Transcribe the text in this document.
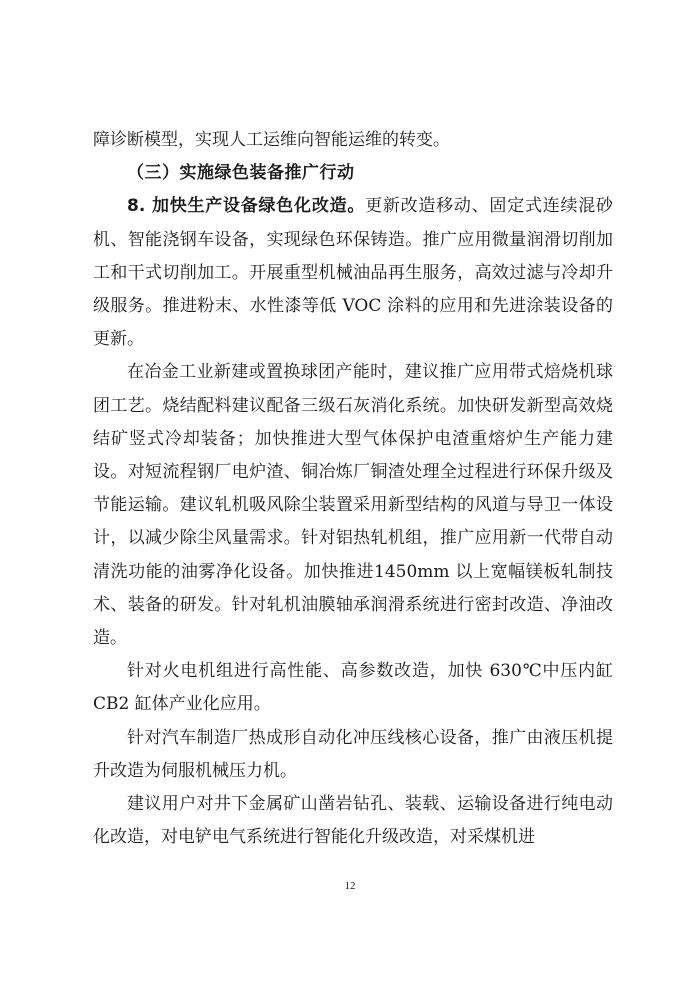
障诊断模型，实现人工运维向智能运维的转变。

（三）实施绿色装备推广行动

8. 加快生产设备绿色化改造。更新改造移动、固定式连续混砂机、智能浇钢车设备，实现绿色环保铸造。推广应用微量润滑切削加工和干式切削加工。开展重型机械油品再生服务，高效过滤与冷却升级服务。推进粉末、水性漆等低 VOC 涂料的应用和先进涂装设备的更新。

在冶金工业新建或置换球团产能时，建议推广应用带式焙烧机球团工艺。烧结配料建议配备三级石灰消化系统。加快研发新型高效烧结矿竖式冷却装备；加快推进大型气体保护电渣重熔炉生产能力建设。对短流程钢厂电炉渣、铜冶炼厂铜渣处理全过程进行环保升级及节能运输。建议轧机吸风除尘装置采用新型结构的风道与导卫一体设计，以减少除尘风量需求。针对铝热轧机组，推广应用新一代带自动清洗功能的油雾净化设备。加快推进1450mm 以上宽幅镁板轧制技术、装备的研发。针对轧机油膜轴承润滑系统进行密封改造、净油改造。

针对火电机组进行高性能、高参数改造，加快 630℃中压内缸 CB2 缸体产业化应用。

针对汽车制造厂热成形自动化冲压线核心设备，推广由液压机提升改造为伺服机械压力机。

建议用户对井下金属矿山凿岩钻孔、装载、运输设备进行纯电动化改造，对电铲电气系统进行智能化升级改造，对采煤机进

12
